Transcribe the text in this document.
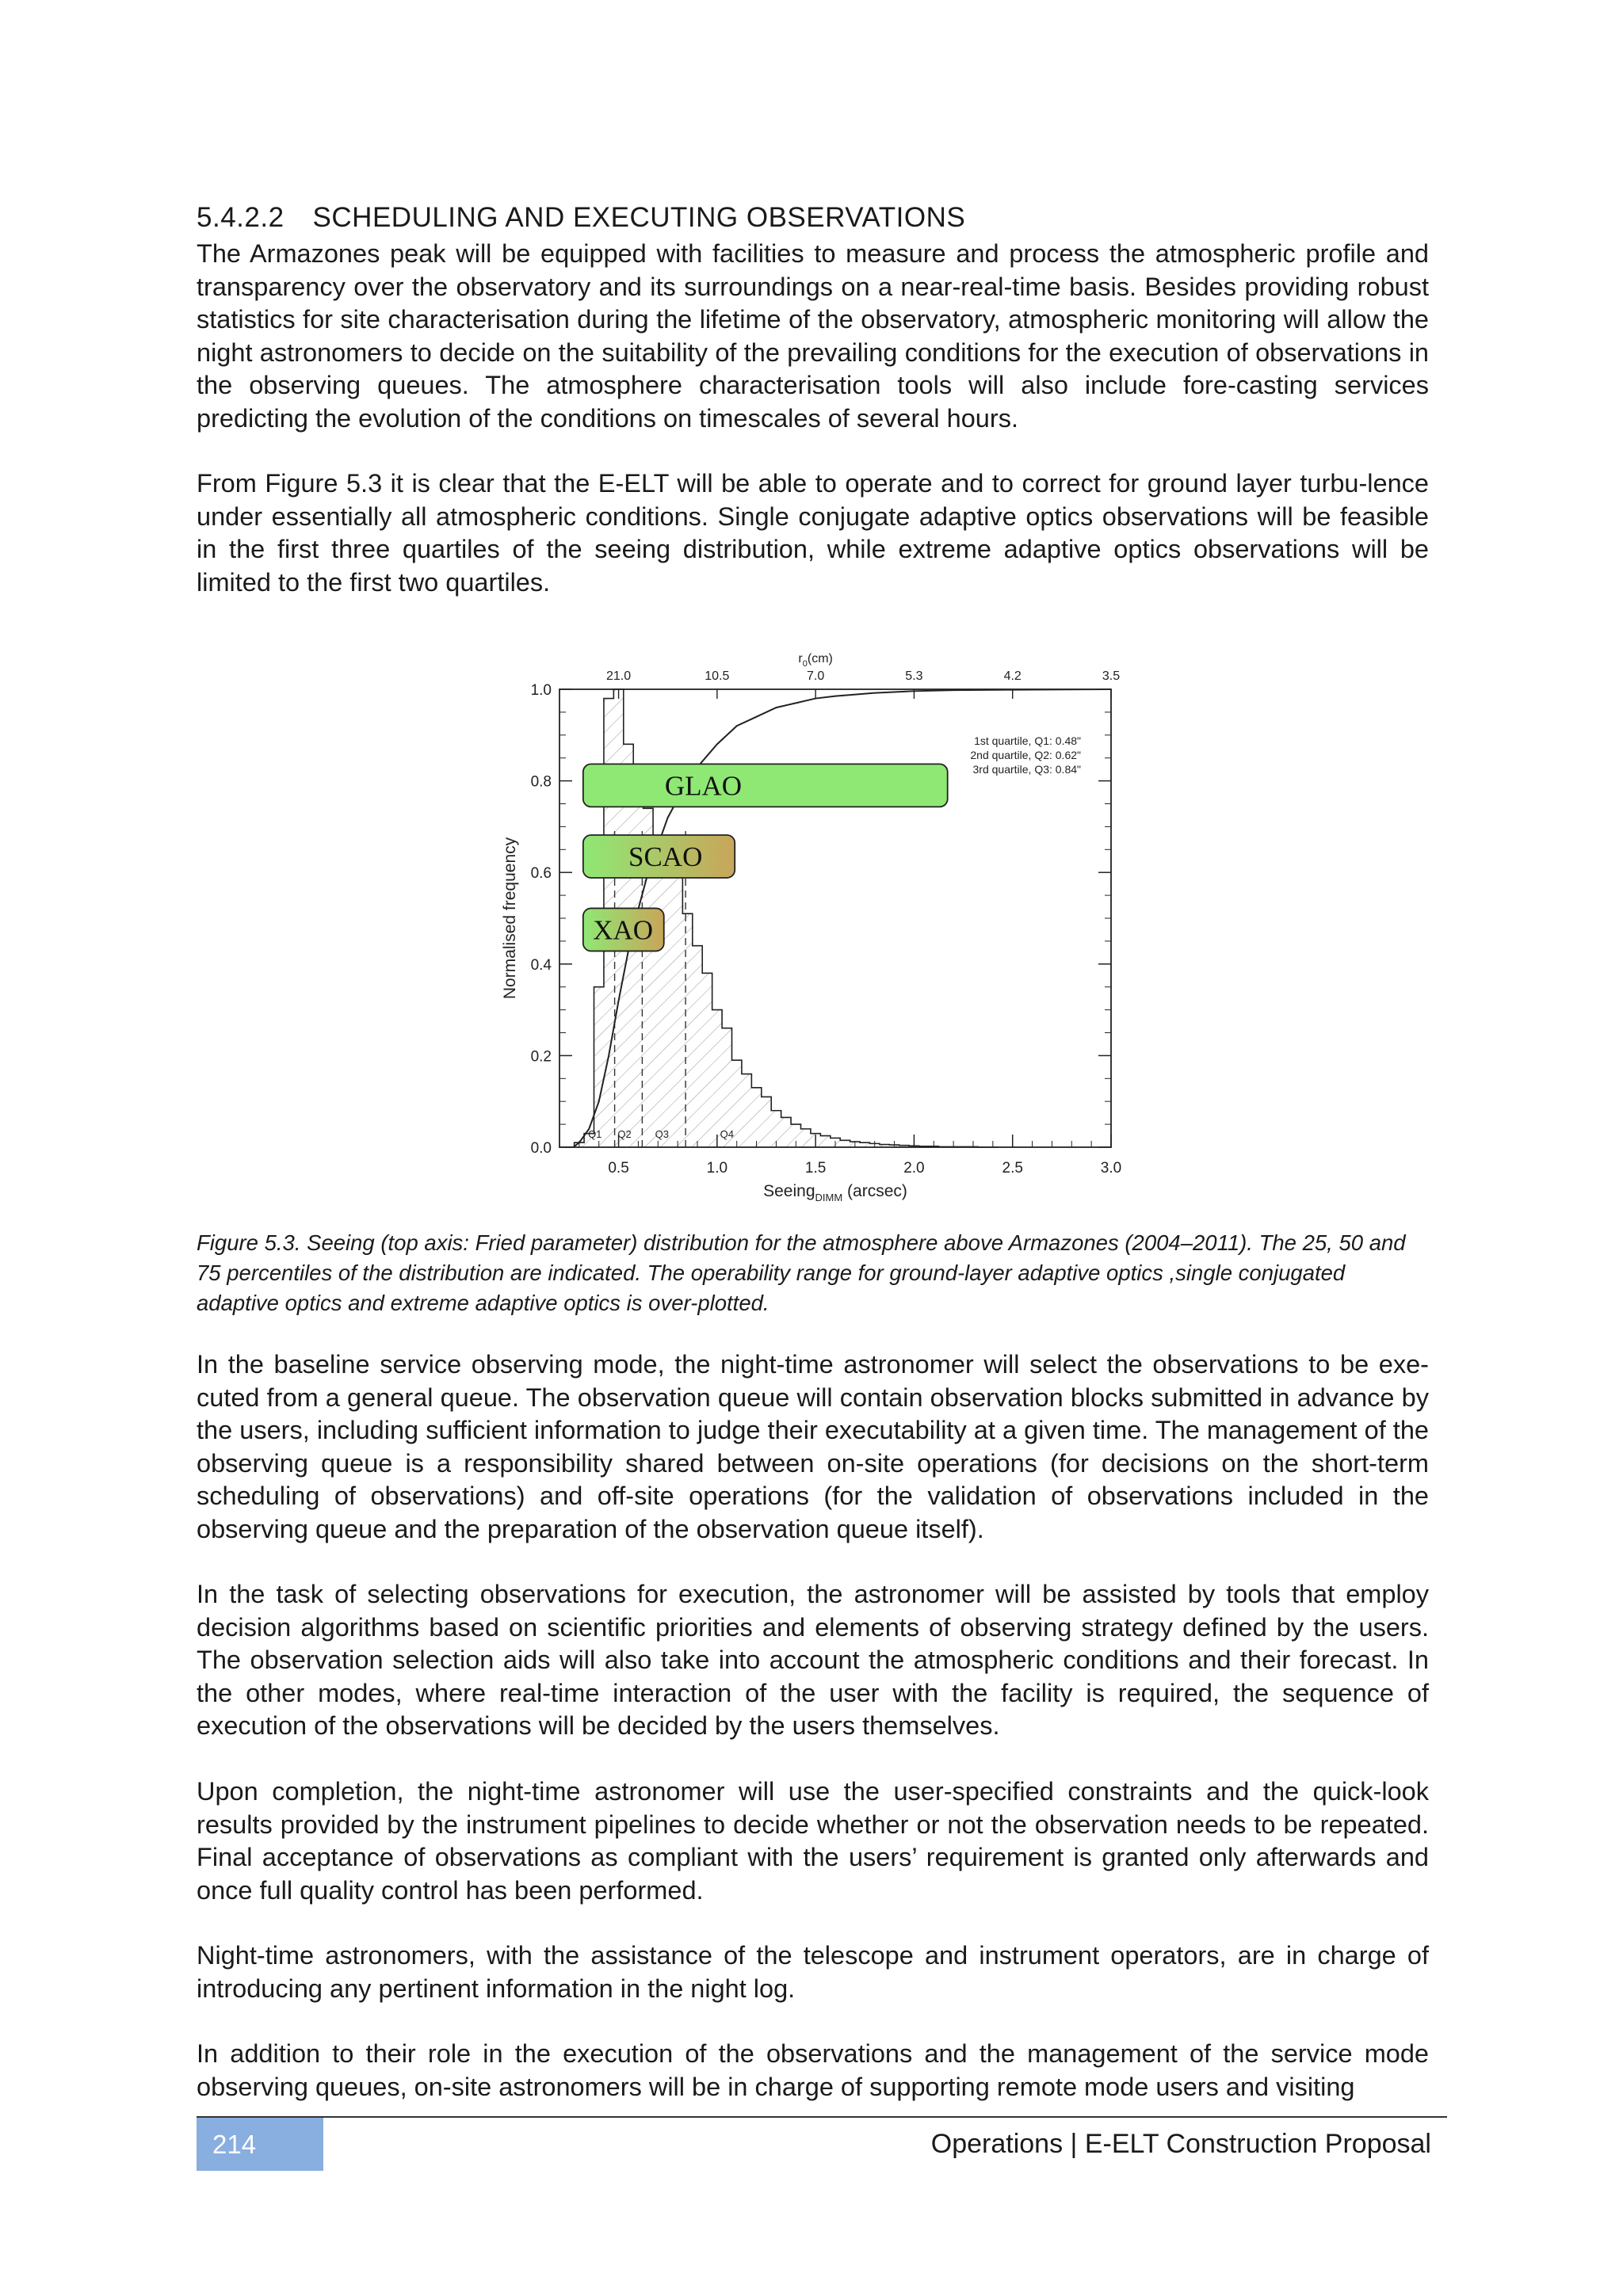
5.4.2.2 SCHEDULING AND EXECUTING OBSERVATIONS

The Armazones peak will be equipped with facilities to measure and process the atmospheric profile and transparency over the observatory and its surroundings on a near-real-time basis. Besides providing robust statistics for site characterisation during the lifetime of the observatory, atmospheric monitoring will allow the night astronomers to decide on the suitability of the prevailing conditions for the execution of observations in the observing queues. The atmosphere characterisation tools will also include fore-casting services predicting the evolution of the conditions on timescales of several hours.

From Figure 5.3 it is clear that the E-ELT will be able to operate and to correct for ground layer turbu-lence under essentially all atmospheric conditions. Single conjugate adaptive optics observations will be feasible in the first three quartiles of the seeing distribution, while extreme adaptive optics observations will be limited to the first two quartiles.

Q1 Q2 Q3	Q4
0.0
0.2
0.4
0.6
0.8
1.0
0.5	1.0	1.5	2.0	2.5	3.0
21.0	10.5	7.0	5.3	4.2	3.5
$r_0(cm)$
Seeing$_{DIMM}$ (arcsec)
Normalised frequency
1st quartile, Q1: 0.48"
2nd quartile, Q2: 0.62"
3rd quartile, Q3: 0.84"
GLAO
SCAO
XAO

Figure 5.3. Seeing (top axis: Fried parameter) distribution for the atmosphere above Armazones (2004–2011). The 25, 50 and 75 percentiles of the distribution are indicated. The operability range for ground-layer adaptive optics ,single conjugated adaptive optics and extreme adaptive optics is over-plotted.

In the baseline service observing mode, the night-time astronomer will select the observations to be exe-cuted from a general queue. The observation queue will contain observation blocks submitted in advance by the users, including sufficient information to judge their executability at a given time. The management of the observing queue is a responsibility shared between on-site operations (for decisions on the short-term scheduling of observations) and off-site operations (for the validation of observations included in the observing queue and the preparation of the observation queue itself).

In the task of selecting observations for execution, the astronomer will be assisted by tools that employ decision algorithms based on scientific priorities and elements of observing strategy defined by the users. The observation selection aids will also take into account the atmospheric conditions and their forecast. In the other modes, where real-time interaction of the user with the facility is required, the sequence of execution of the observations will be decided by the users themselves.

Upon completion, the night-time astronomer will use the user-specified constraints and the quick-look results provided by the instrument pipelines to decide whether or not the observation needs to be repeated. Final acceptance of observations as compliant with the users’ requirement is granted only afterwards and once full quality control has been performed.

Night-time astronomers, with the assistance of the telescope and instrument operators, are in charge of introducing any pertinent information in the night log.

In addition to their role in the execution of the observations and the management of the service mode observing queues, on-site astronomers will be in charge of supporting remote mode users and visiting

214	Operations | E-ELT Construction Proposal
